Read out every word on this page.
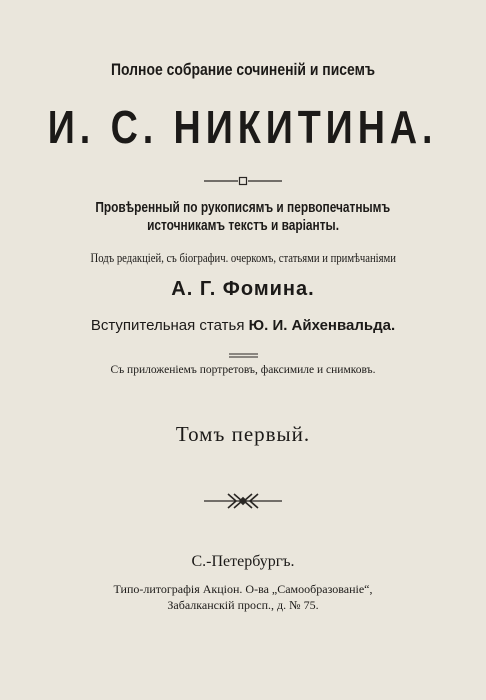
Полное собрание сочиненій и писемъ
И. С. НИКИТИНА.
Провѣренный по рукописямъ и первопечатнымъ
источникамъ текстъ и варіанты.
Подъ редакціей, съ біографич. очеркомъ, статьями и примѣчаніями
А. Г. Фомина.
Вступительная статья Ю. И. Айхенвальда.
Съ приложеніемъ портретовъ, факсимиле и снимковъ.
Томъ первый.
С.-Петербургъ.
Типо-литографія Акціон. О-ва „Самообразованіе“,
Забалканскій просп., д. № 75.
